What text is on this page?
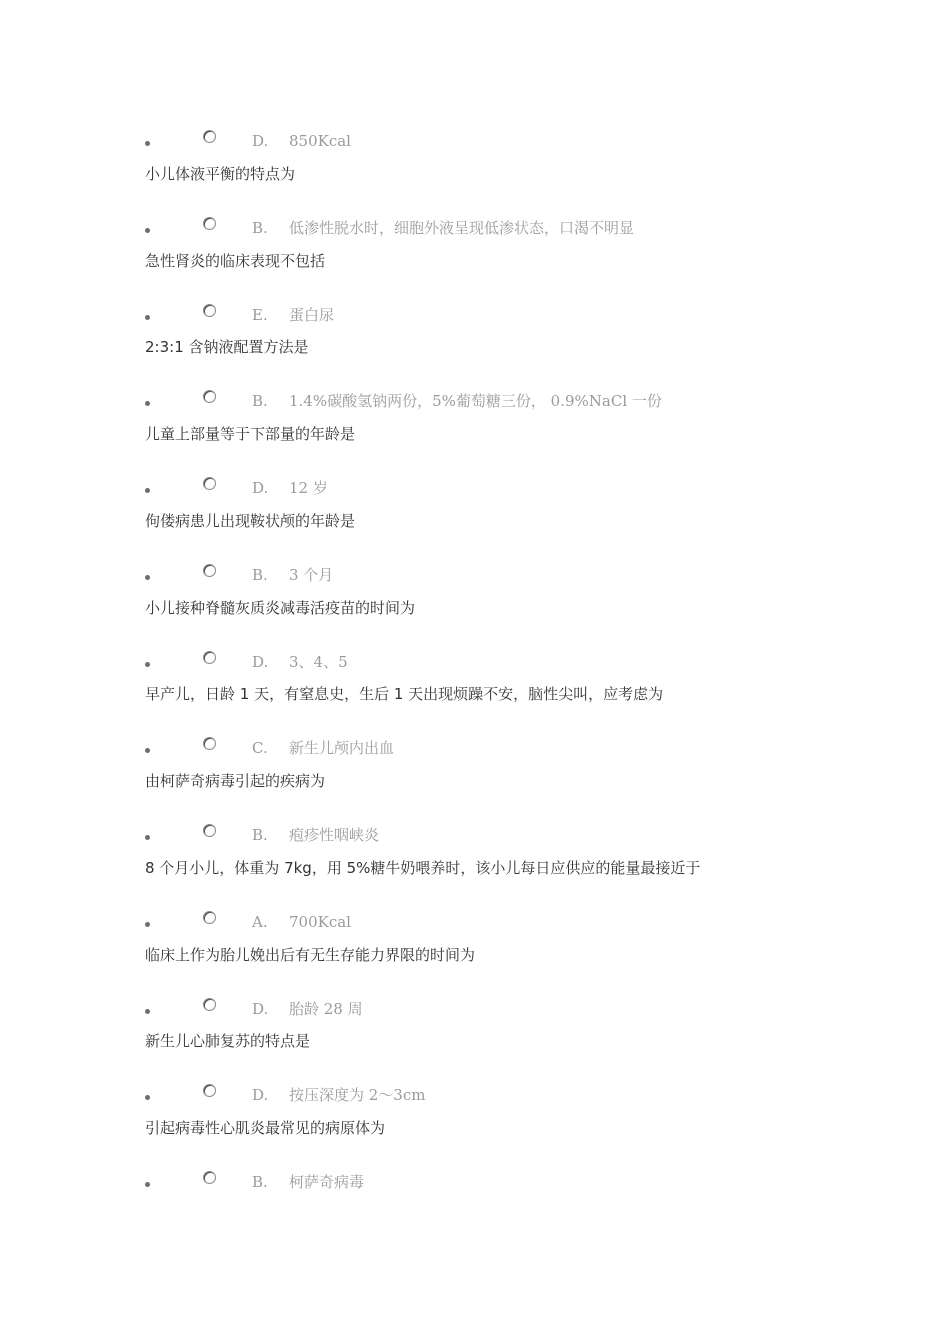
D. 850Kcal
小儿体液平衡的特点为
B. 低渗性脱水时，细胞外液呈现低渗状态，口渴不明显
急性肾炎的临床表现不包括
E. 蛋白尿
2:3:1 含钠液配置方法是
B. 1.4%碳酸氢钠两份，5%葡萄糖三份， 0.9%NaCl 一份
儿童上部量等于下部量的年龄是
D. 12 岁
佝偻病患儿出现鞍状颅的年龄是
B. 3 个月
小儿接种脊髓灰质炎减毒活疫苗的时间为
D. 3、4、5
早产儿，日龄 1 天，有窒息史，生后 1 天出现烦躁不安，脑性尖叫，应考虑为
C. 新生儿颅内出血
由柯萨奇病毒引起的疾病为
B. 疱疹性咽峡炎
8 个月小儿，体重为 7kg，用 5%糖牛奶喂养时，该小儿每日应供应的能量最接近于
A. 700Kcal
临床上作为胎儿娩出后有无生存能力界限的时间为
D. 胎龄 28 周
新生儿心肺复苏的特点是
D. 按压深度为 2～3cm
引起病毒性心肌炎最常见的病原体为
B. 柯萨奇病毒
